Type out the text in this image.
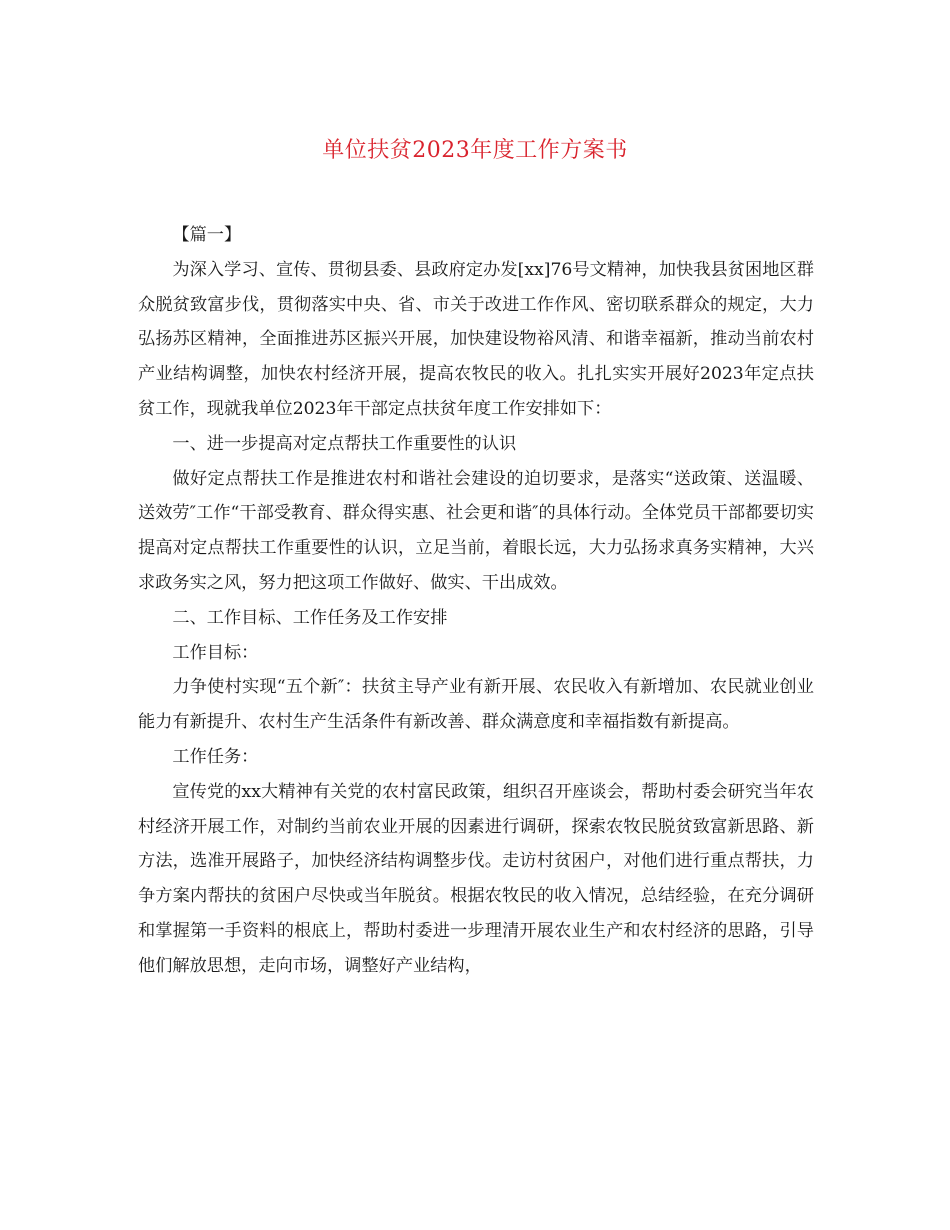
单位扶贫2023年度工作方案书

【篇一】

为深入学习、宣传、贯彻县委、县政府定办发[xx]76号文精神，加快我县贫困地区群众脱贫致富步伐，贯彻落实中央、省、市关于改进工作作风、密切联系群众的规定，大力弘扬苏区精神，全面推进苏区振兴开展，加快建设物裕风清、和谐幸福新，推动当前农村产业结构调整，加快农村经济开展，提高农牧民的收入。扎扎实实开展好2023年定点扶贫工作，现就我单位2023年干部定点扶贫年度工作安排如下：

一、进一步提高对定点帮扶工作重要性的认识

做好定点帮扶工作是推进农村和谐社会建设的迫切要求，是落实“送政策、送温暖、送效劳″工作“干部受教育、群众得实惠、社会更和谐″的具体行动。全体党员干部都要切实提高对定点帮扶工作重要性的认识，立足当前，着眼长远，大力弘扬求真务实精神，大兴求政务实之风，努力把这项工作做好、做实、干出成效。

二、工作目标、工作任务及工作安排

工作目标：

力争使村实现“五个新″：扶贫主导产业有新开展、农民收入有新增加、农民就业创业能力有新提升、农村生产生活条件有新改善、群众满意度和幸福指数有新提高。

工作任务：

宣传党的xx大精神有关党的农村富民政策，组织召开座谈会，帮助村委会研究当年农村经济开展工作，对制约当前农业开展的因素进行调研，探索农牧民脱贫致富新思路、新方法，选准开展路子，加快经济结构调整步伐。走访村贫困户，对他们进行重点帮扶，力争方案内帮扶的贫困户尽快或当年脱贫。根据农牧民的收入情况，总结经验，在充分调研和掌握第一手资料的根底上，帮助村委进一步理清开展农业生产和农村经济的思路，引导他们解放思想，走向市场，调整好产业结构，
